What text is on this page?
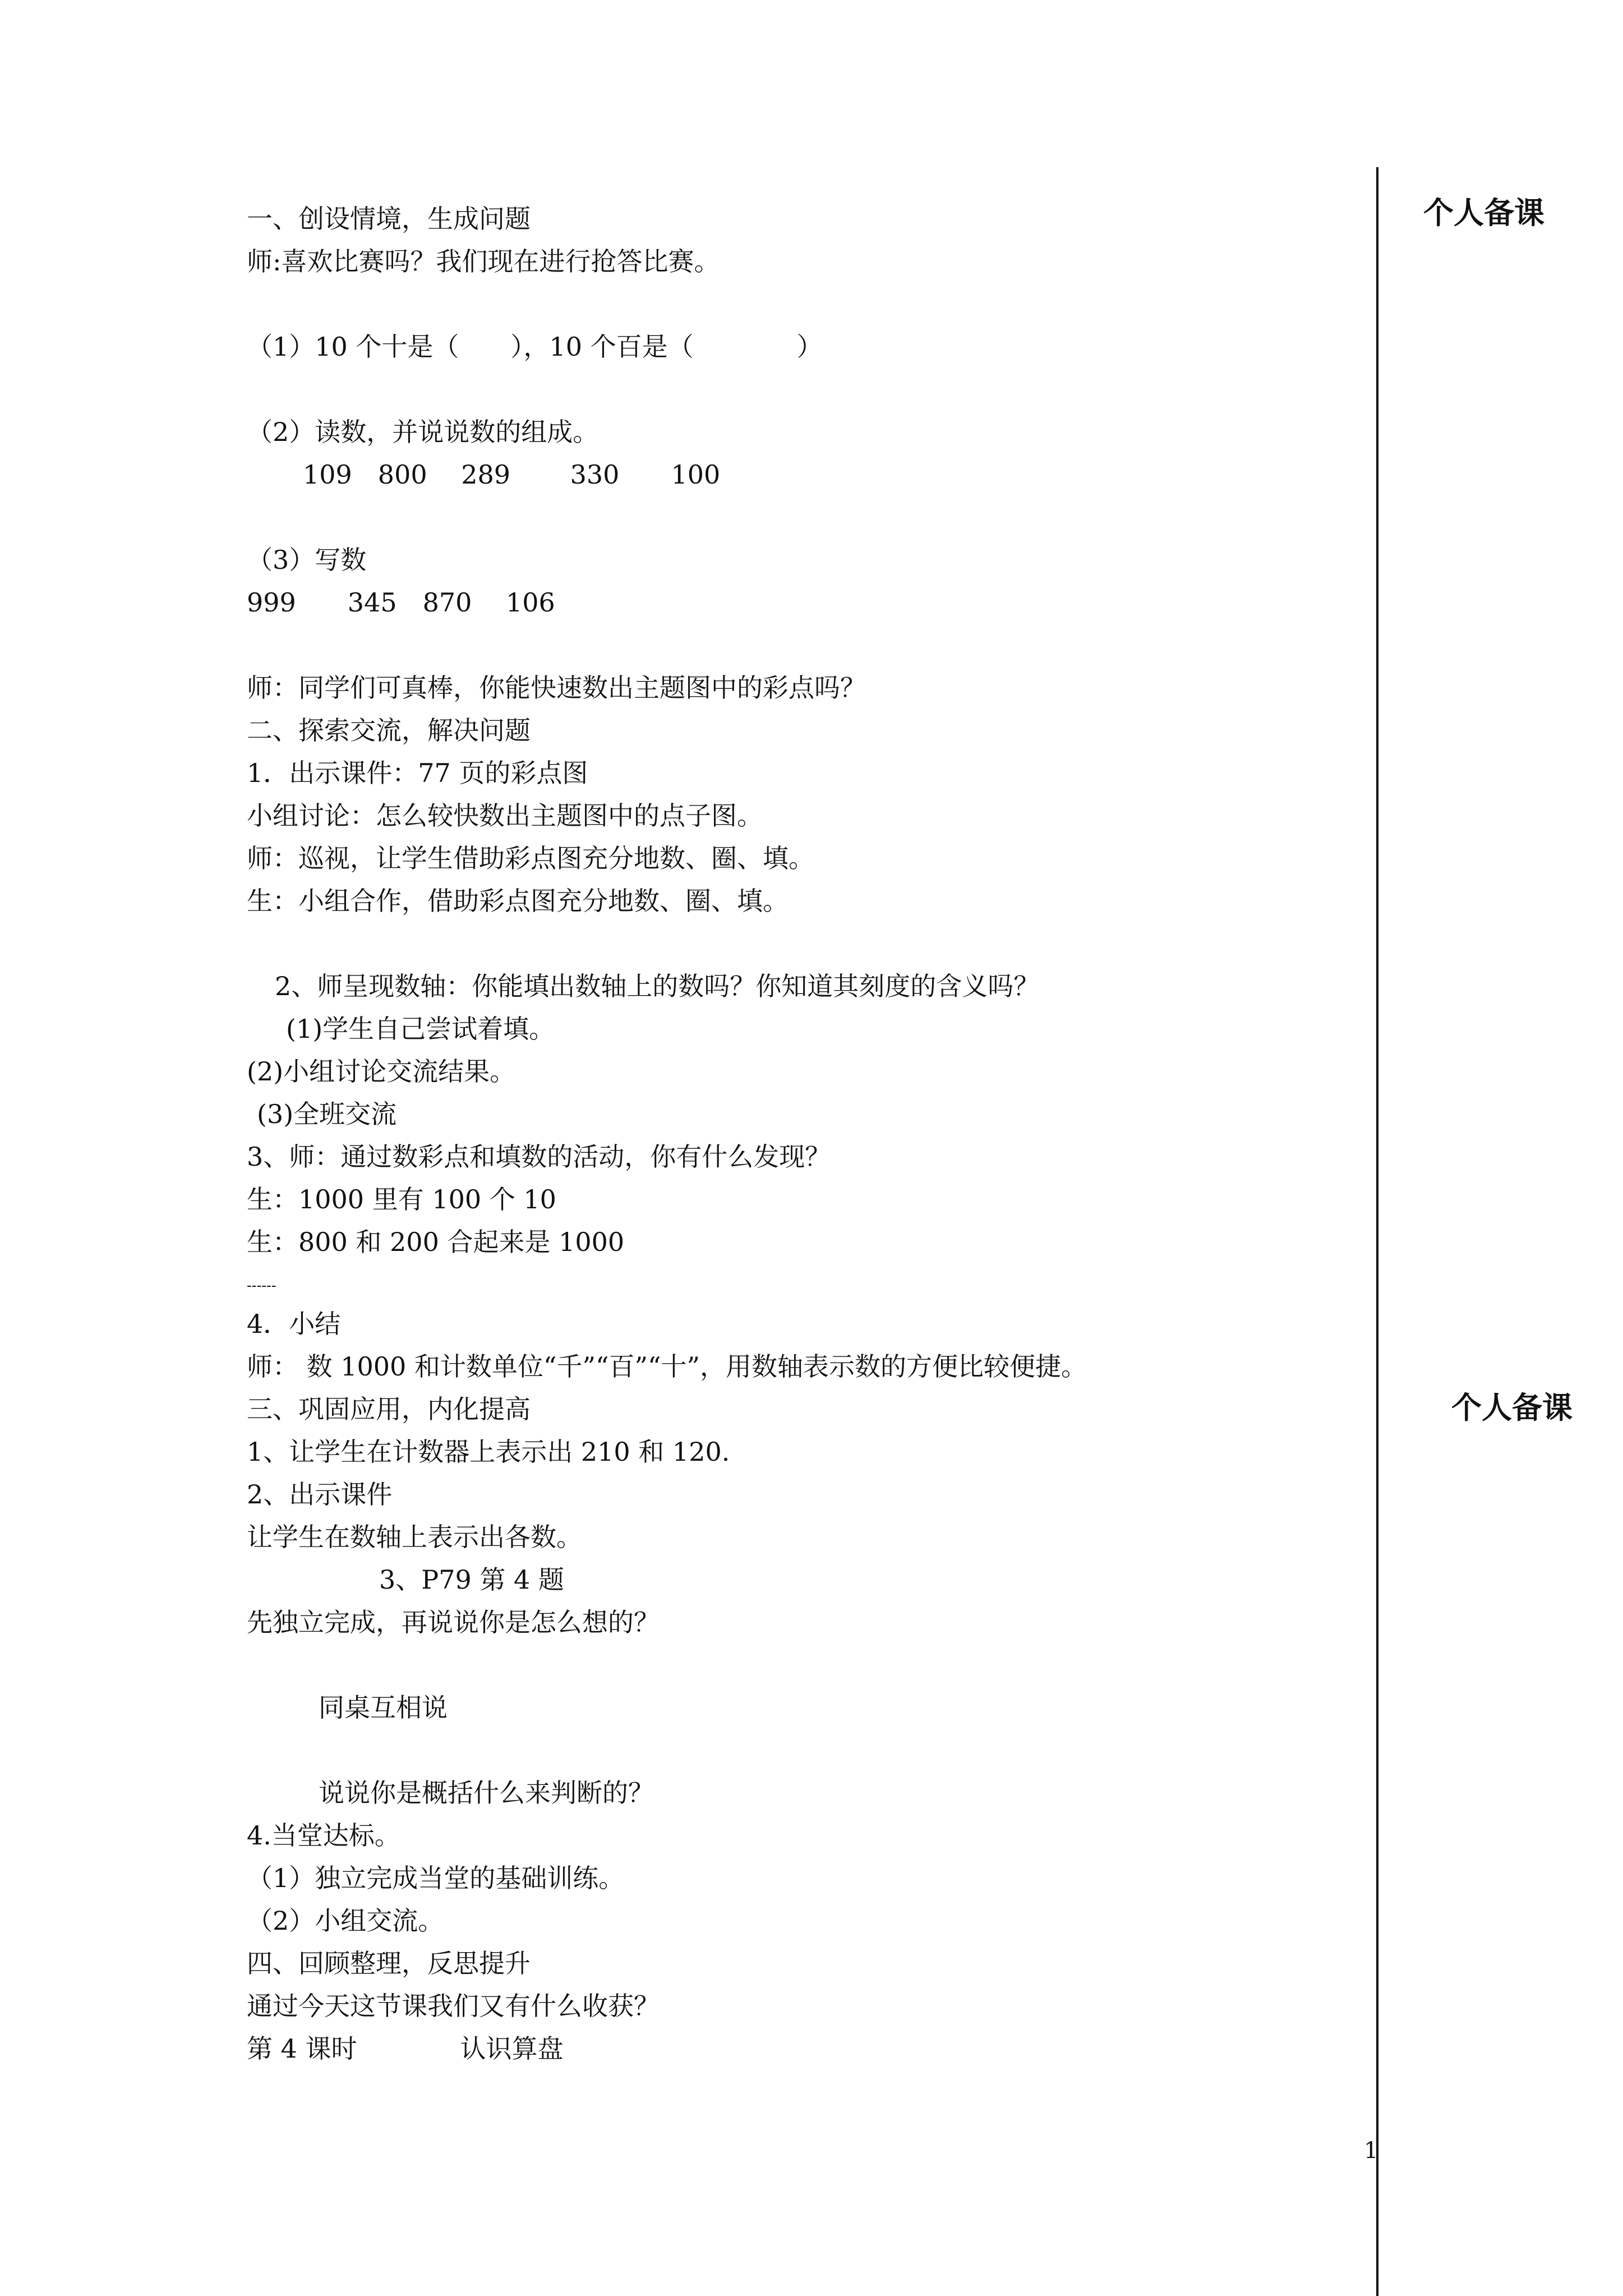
个人备课
个人备课
一、创设情境，生成问题
师:喜欢比赛吗？我们现在进行抢答比赛。
（1）10 个十是（　　），10 个百是（　　　　）
（2）读数，并说说数的组成。
109　800　 289　　 330　　100
（3）写数
999　　345　870　 106
师：同学们可真棒，你能快速数出主题图中的彩点吗？
二、探索交流，解决问题
1．出示课件：77 页的彩点图
小组讨论：怎么较快数出主题图中的点子图。
师：巡视，让学生借助彩点图充分地数、圈、填。
生：小组合作，借助彩点图充分地数、圈、填。
2、师呈现数轴：你能填出数轴上的数吗？你知道其刻度的含义吗？
(1)学生自己尝试着填。
(2)小组讨论交流结果。
(3)全班交流
3、师：通过数彩点和填数的活动，你有什么发现？
生：1000 里有 100 个 10
生：800 和 200 合起来是 1000
------
4．小结
师： 数 1000 和计数单位“千”“百”“十”，用数轴表示数的方便比较便捷。
三、巩固应用，内化提高
1、让学生在计数器上表示出 210 和 120.
2、出示课件
让学生在数轴上表示出各数。
3、P79 第 4 题
先独立完成，再说说你是怎么想的？
同桌互相说
说说你是概括什么来判断的？
4.当堂达标。
（1）独立完成当堂的基础训练。
（2）小组交流。
四、回顾整理，反思提升
通过今天这节课我们又有什么收获？
第 4 课时　　　　认识算盘
1
